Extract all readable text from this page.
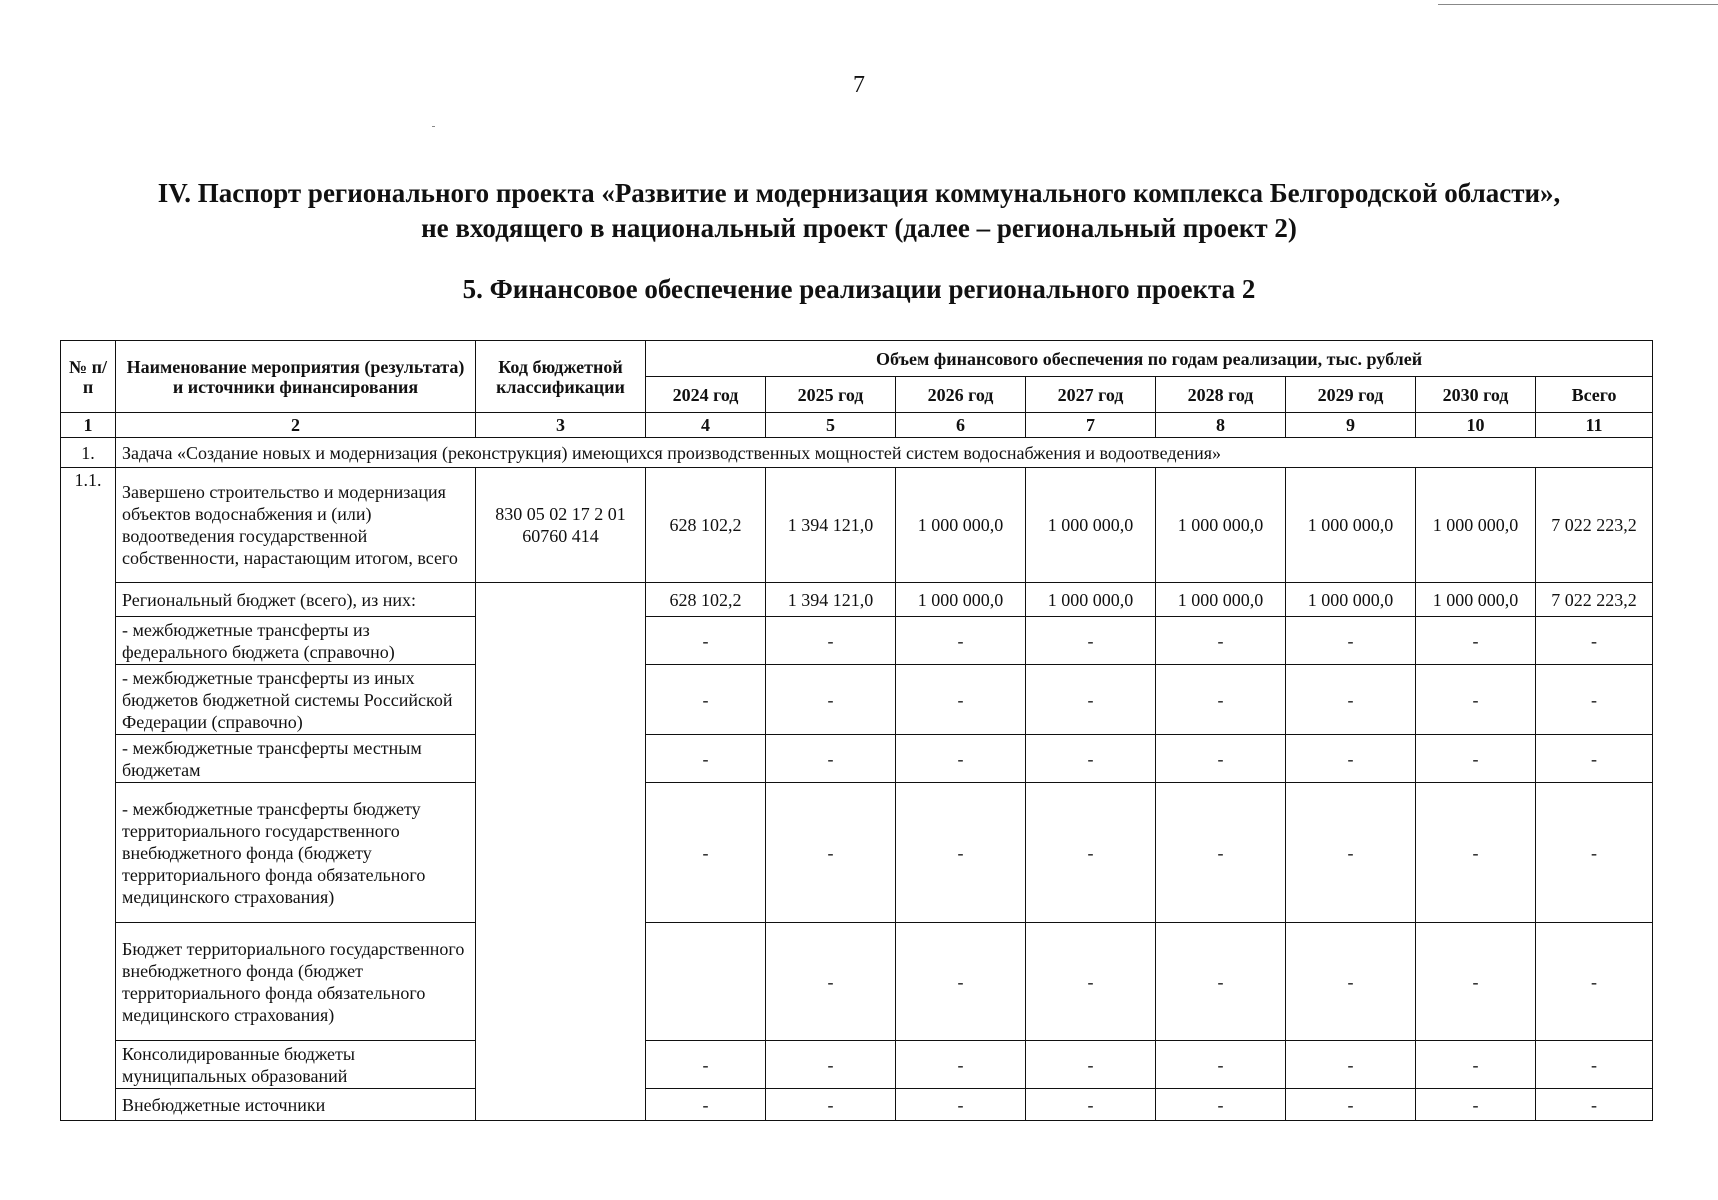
7
IV. Паспорт регионального проекта «Развитие и модернизация коммунального комплекса Белгородской области»,
не входящего в национальный проект (далее – региональный проект 2)
5. Финансовое обеспечение реализации регионального проекта 2
№ п/п	Наименование мероприятия (результата) и источники финансирования	Код бюджетной классификации	Объем финансового обеспечения по годам реализации, тыс. рублей								
			2024 год	2025 год	2026 год	2027 год	2028 год	2029 год	2030 год	Всего	
1	2	3	4	5	6	7	8	9	10	11	
1.	Задача «Создание новых и модернизация (реконструкция) имеющихся производственных мощностей систем водоснабжения и водоотведения»										
1.1.	Завершено строительство и модернизация объектов водоснабжения и (или) водоотведения государственной собственности, нарастающим итогом, всего	830 05 02 17 2 01 60760 414	628 102,2	1 394 121,0	1 000 000,0	1 000 000,0	1 000 000,0	1 000 000,0	1 000 000,0	7 022 223,2	
	Региональный бюджет (всего), из них:		628 102,2	1 394 121,0	1 000 000,0	1 000 000,0	1 000 000,0	1 000 000,0	1 000 000,0	7 022 223,2	
	- межбюджетные трансферты из федерального бюджета (справочно)		-	-	-	-	-	-	-	-	
	- межбюджетные трансферты из иных бюджетов бюджетной системы Российской Федерации (справочно)		-	-	-	-	-	-	-	-	
	- межбюджетные трансферты местным бюджетам		-	-	-	-	-	-	-	-	
	- межбюджетные трансферты бюджету территориального государственного внебюджетного фонда (бюджету территориального фонда обязательного медицинского страхования)		-	-	-	-	-	-	-	-	
	Бюджет территориального государственного внебюджетного фонда (бюджет территориального фонда обязательного медицинского страхования)			-	-	-	-	-	-	-	
	Консолидированные бюджеты муниципальных образований		-	-	-	-	-	-	-	-	
	Внебюджетные источники		-	-	-	-	-	-	-	-	
